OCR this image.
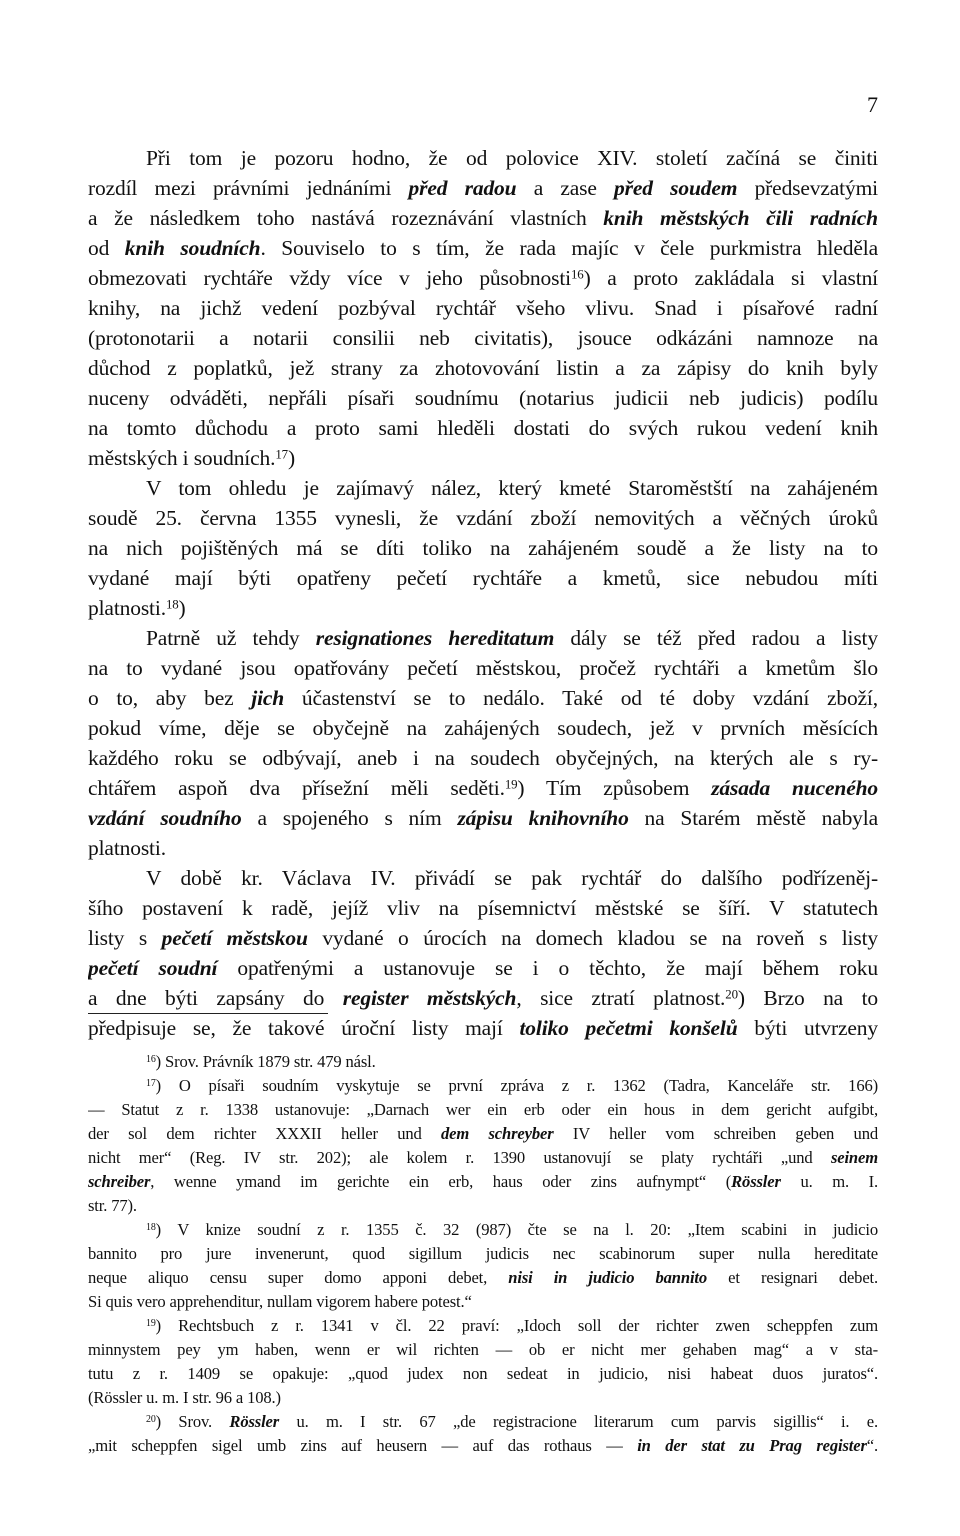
7

Při tom je pozoru hodno, že od polovice XIV. století začíná se činiti

rozdíl mezi právními jednáními před radou a zase před soudem předsevzatými

a že následkem toho nastává rozeznávání vlastních knih městských čili radních

od knih soudních. Souviselo to s tím, že rada majíc v čele purkmistra hleděla

obmezovati rychtáře vždy více v jeho působnosti$^{16}$) a proto zakládala si vlastní

knihy, na jichž vedení pozbýval rychtář všeho vlivu. Snad i písařové radní

(protonotarii a notarii consilii neb civitatis), jsouce odkázáni namnoze na

důchod z poplatků, jež strany za zhotovování listin a za zápisy do knih byly

nuceny odváděti, nepřáli písaři soudnímu (notarius judicii neb judicis) podílu

na tomto důchodu a proto sami hleděli dostati do svých rukou vedení knih

městských i soudních.$^{17}$)

V tom ohledu je zajímavý nález, který kmeté Staroměstští na zahájeném

soudě 25. června 1355 vynesli, že vzdání zboží nemovitých a věčných úroků

na nich pojištěných má se díti toliko na zahájeném soudě a že listy na to

vydané mají býti opatřeny pečetí rychtáře a kmetů, sice nebudou míti

platnosti.$^{18}$)

Patrně už tehdy resignationes hereditatum dály se též před radou a listy

na to vydané jsou opatřovány pečetí městskou, pročež rychtáři a kmetům šlo

o to, aby bez jich účastenství se to nedálo. Také od té doby vzdání zboží,

pokud víme, děje se obyčejně na zahájených soudech, jež v prvních měsících

každého roku se odbývají, aneb i na soudech obyčejných, na kterých ale s ry-

chtářem aspoň dva přísežní měli seděti.$^{19}$) Tím způsobem zásada nuceného

vzdání soudního a spojeného s ním zápisu knihovního na Starém městě nabyla

platnosti.

V době kr. Václava IV. přivádí se pak rychtář do dalšího podřízeněj-

šího postavení k radě, jejíž vliv na písemnictví městské se šíří. V statutech

listy s pečetí městskou vydané o úrocích na domech kladou se na roveň s listy

pečetí soudní opatřenými a ustanovuje se i o těchto, že mají během roku

a dne býti zapsány do register městských, sice ztratí platnost.$^{20}$) Brzo na to

předpisuje se, že takové úroční listy mají toliko pečetmi konšelů býti utvrzeny

$^{16}$) Srov. Právník 1879 str. 479 násl.

$^{17}$) O písaři soudním vyskytuje se první zpráva z r. 1362 (Tadra, Kanceláře str. 166)

— Statut z r. 1338 ustanovuje: „Darnach wer ein erb oder ein hous in dem gericht aufgibt,

der sol dem richter XXXII heller und dem schreyber IV heller vom schreiben geben und

nicht mer“ (Reg. IV str. 202); ale kolem r. 1390 ustanovují se platy rychtáři „und seinem

schreiber, wenne ymand im gerichte ein erb, haus oder zins aufnympt“ (Rössler u. m. I.

str. 77).

$^{18}$) V knize soudní z r. 1355 č. 32 (987) čte se na l. 20: „Item scabini in judicio

bannito pro jure invenerunt, quod sigillum judicis nec scabinorum super nulla hereditate

neque aliquo censu super domo apponi debet, nisi in judicio bannito et resignari debet.

Si quis vero apprehenditur, nullam vigorem habere potest.“

$^{19}$) Rechtsbuch z r. 1341 v čl. 22 praví: „Idoch soll der richter zwen scheppfen zum

minnystem pey ym haben, wenn er wil richten — ob er nicht mer gehaben mag“ a v sta-

tutu z r. 1409 se opakuje: „quod judex non sedeat in judicio, nisi habeat duos juratos“.

(Rössler u. m. I str. 96 a 108.)

$^{20}$) Srov. Rössler u. m. I str. 67 „de registracione literarum cum parvis sigillis“ i. e.

„mit scheppfen sigel umb zins auf heusern — auf das rothaus — in der stat zu Prag register“.
